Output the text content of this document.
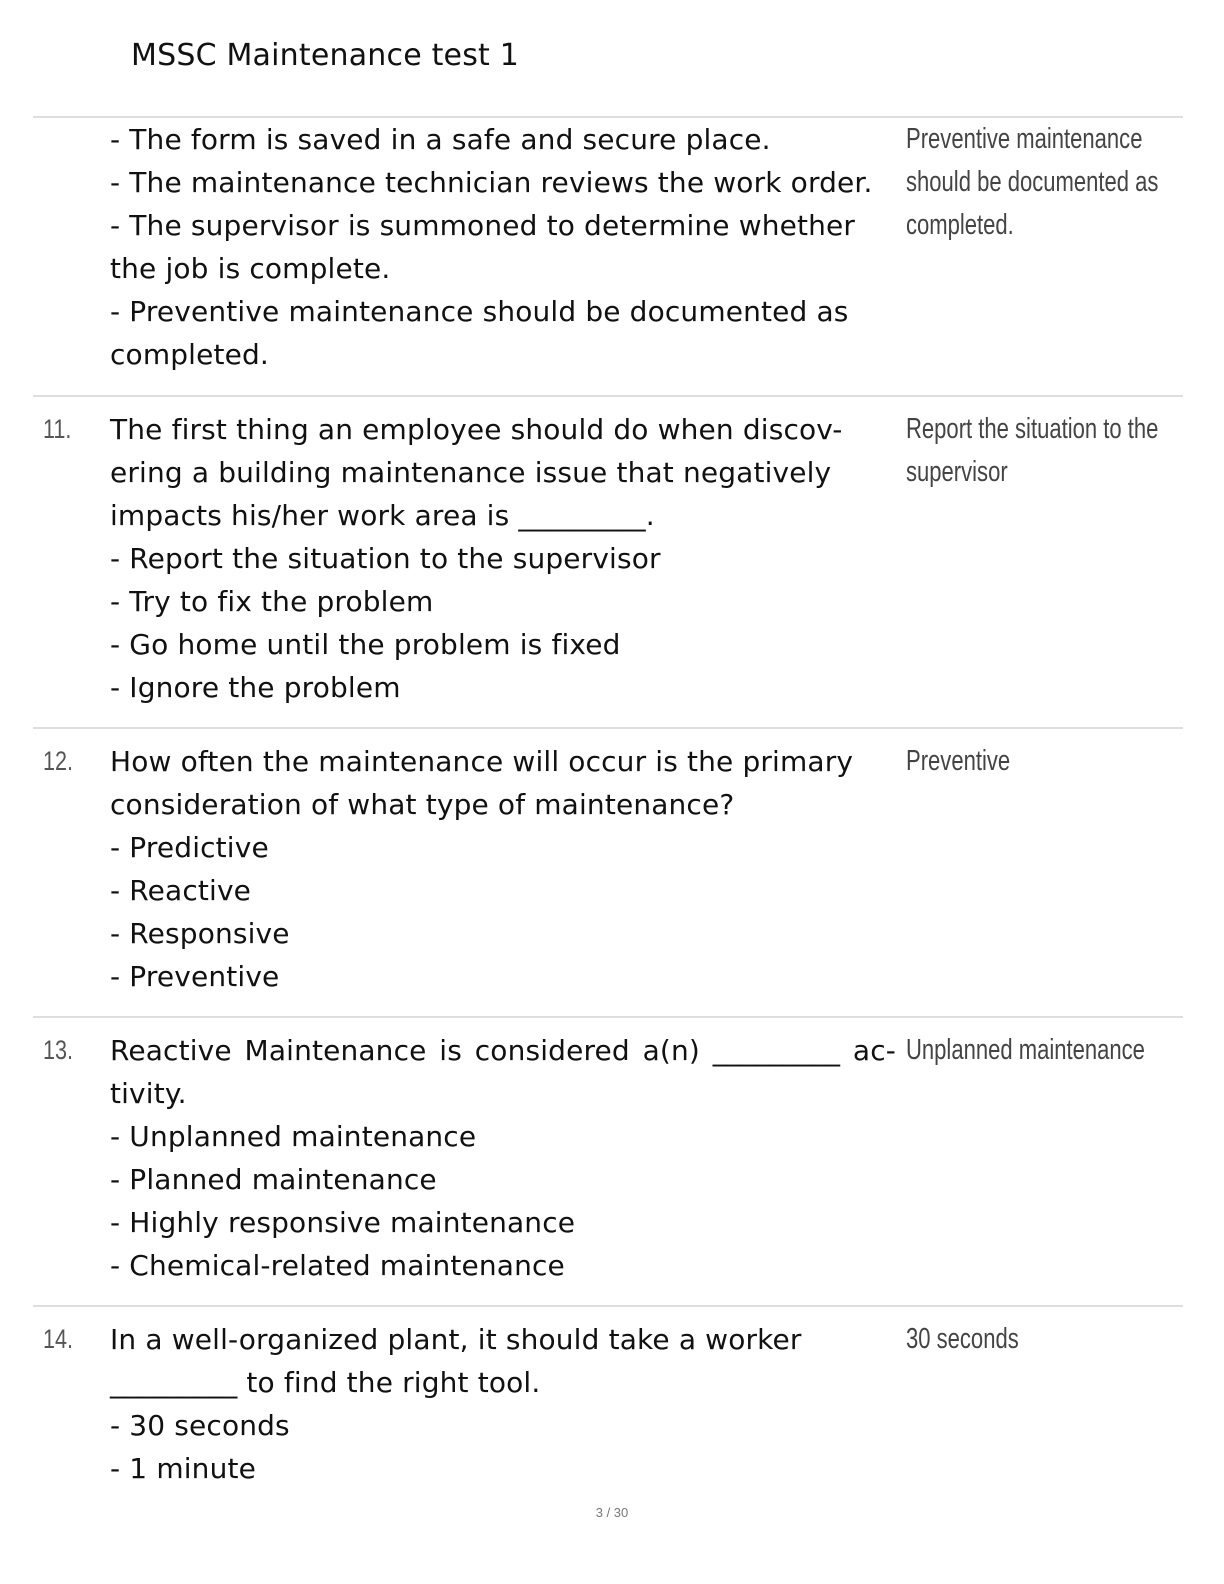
MSSC Maintenance test 1
- The form is saved in a safe and secure place.
- The maintenance technician reviews the work order.
- The supervisor is summoned to determine whether
the job is complete.
- Preventive maintenance should be documented as
completed.
Preventive maintenance
should be documented as
completed.
11. The first thing an employee should do when discov-
ering a building maintenance issue that negatively
impacts his/her work area is _________.
- Report the situation to the supervisor
- Try to fix the problem
- Go home until the problem is fixed
- Ignore the problem
Report the situation to the
supervisor
12. How often the maintenance will occur is the primary
consideration of what type of maintenance?
- Predictive
- Reactive
- Responsive
- Preventive
Preventive
13. Reactive Maintenance is considered a(n) _________ ac-
tivity.
- Unplanned maintenance
- Planned maintenance
- Highly responsive maintenance
- Chemical-related maintenance
Unplanned maintenance
14. In a well-organized plant, it should take a worker
_________ to find the right tool.
- 30 seconds
- 1 minute
30 seconds
3 / 30
